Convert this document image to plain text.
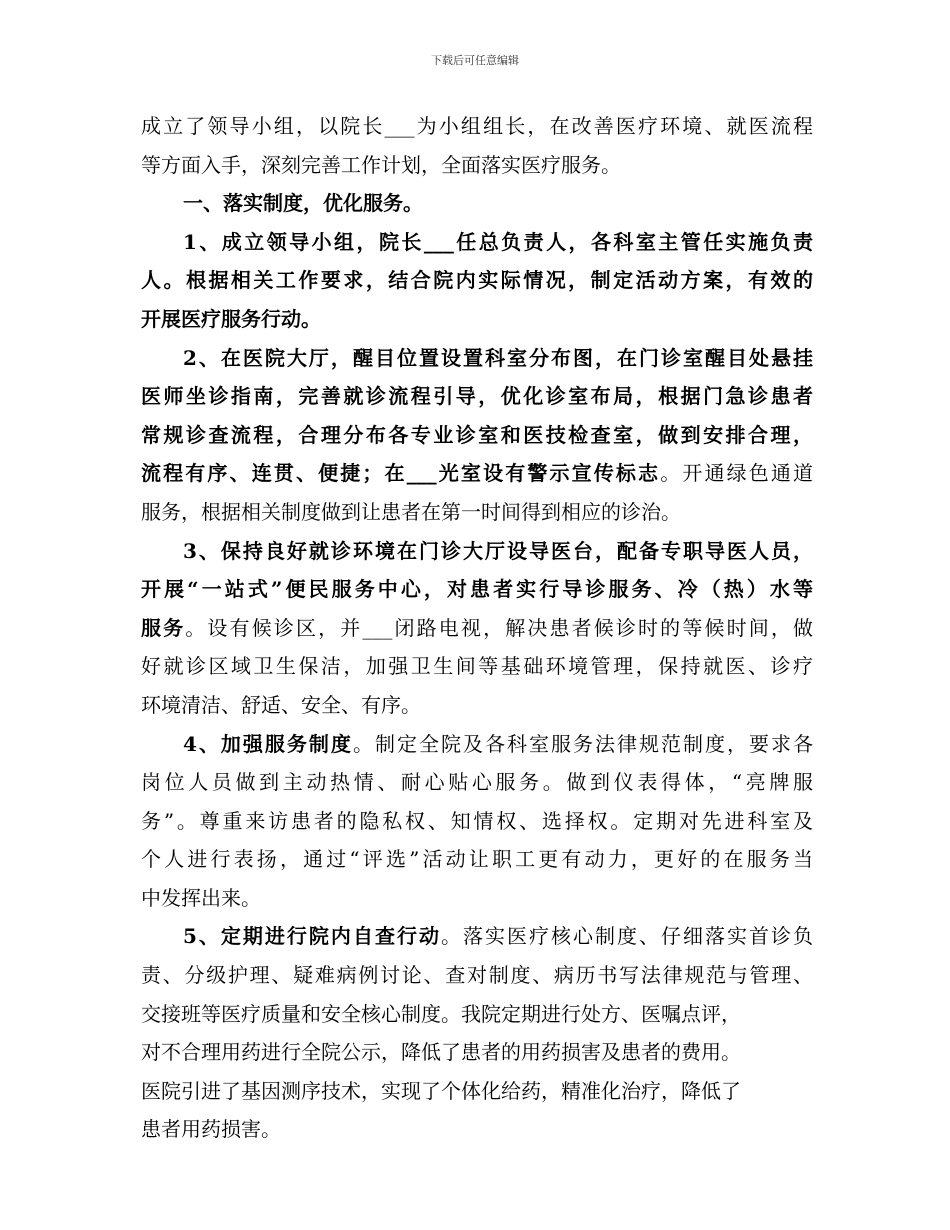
下载后可任意编辑
成立了领导小组，以院长___为小组组长，在改善医疗环境、就医流程
等方面入手，深刻完善工作计划，全面落实医疗服务。
一、落实制度，优化服务。
1、成立领导小组，院长___任总负责人，各科室主管任实施负责
人。根据相关工作要求，结合院内实际情况，制定活动方案，有效的
开展医疗服务行动。
2、在医院大厅，醒目位置设置科室分布图，在门诊室醒目处悬挂
医师坐诊指南，完善就诊流程引导，优化诊室布局，根据门急诊患者
常规诊查流程，合理分布各专业诊室和医技检查室，做到安排合理，
流程有序、连贯、便捷；在___光室设有警示宣传标志。开通绿色通道
服务，根据相关制度做到让患者在第一时间得到相应的诊治。
3、保持良好就诊环境在门诊大厅设导医台，配备专职导医人员，
开展“一站式”便民服务中心，对患者实行导诊服务、冷（热）水等
服务。设有候诊区，并___闭路电视，解决患者候诊时的等候时间，做
好就诊区域卫生保洁，加强卫生间等基础环境管理，保持就医、诊疗
环境清洁、舒适、安全、有序。
4、加强服务制度。制定全院及各科室服务法律规范制度，要求各
岗位人员做到主动热情、耐心贴心服务。做到仪表得体，“亮牌服
务”。尊重来访患者的隐私权、知情权、选择权。定期对先进科室及
个人进行表扬，通过“评选”活动让职工更有动力，更好的在服务当
中发挥出来。
5、定期进行院内自查行动。落实医疗核心制度、仔细落实首诊负
责、分级护理、疑难病例讨论、查对制度、病历书写法律规范与管理、
交接班等医疗质量和安全核心制度。我院定期进行处方、医嘱点评，
对不合理用药进行全院公示，降低了患者的用药损害及患者的费用。
医院引进了基因测序技术，实现了个体化给药，精准化治疗，降低了
患者用药损害。
